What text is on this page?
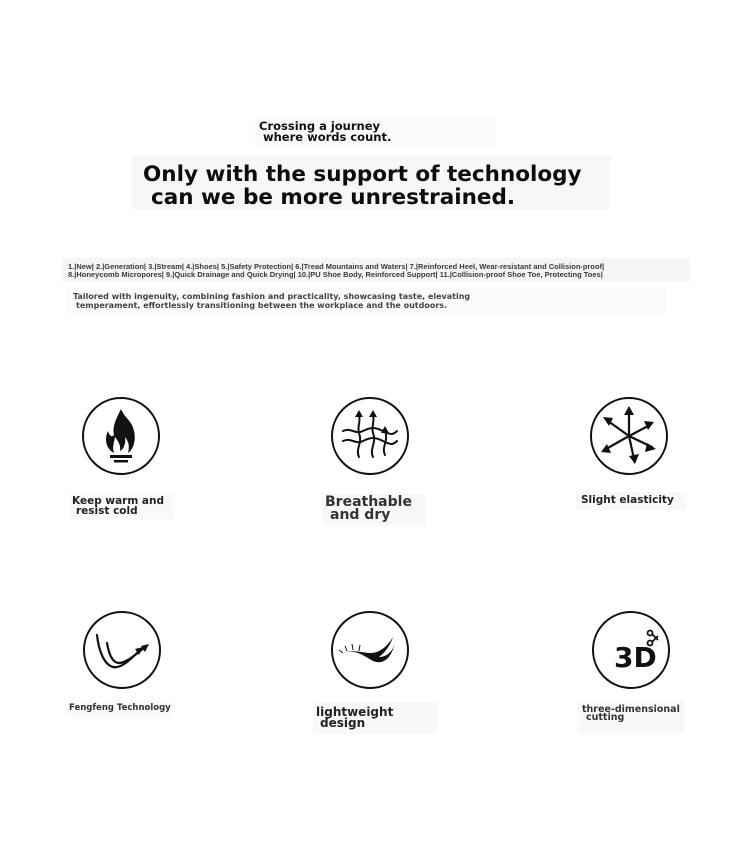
Crossing a journey
where words count.
Only with the support of technology
can we be more unrestrained.
1.|New| 2.|Generation| 3.|Stream| 4.|Shoes| 5.|Safety Protection| 6.|Tread Mountains and Waters| 7.|Reinforced Heel, Wear-resistant and Collision-proof|
8.|Honeycomb Micropores| 9.|Quick Drainage and Quick Drying| 10.|PU Shoe Body, Reinforced Support| 11.|Collision-proof Shoe Toe, Protecting Toes|
Tailored with ingenuity, combining fashion and practicality, showcasing taste, elevating
temperament, effortlessly transitioning between the workplace and the outdoors.
Keep warm and
resist cold
Breathable
and dry
Slight elasticity
Fengfeng Technology	lightweight
design
3D
three-dimensional
cutting
